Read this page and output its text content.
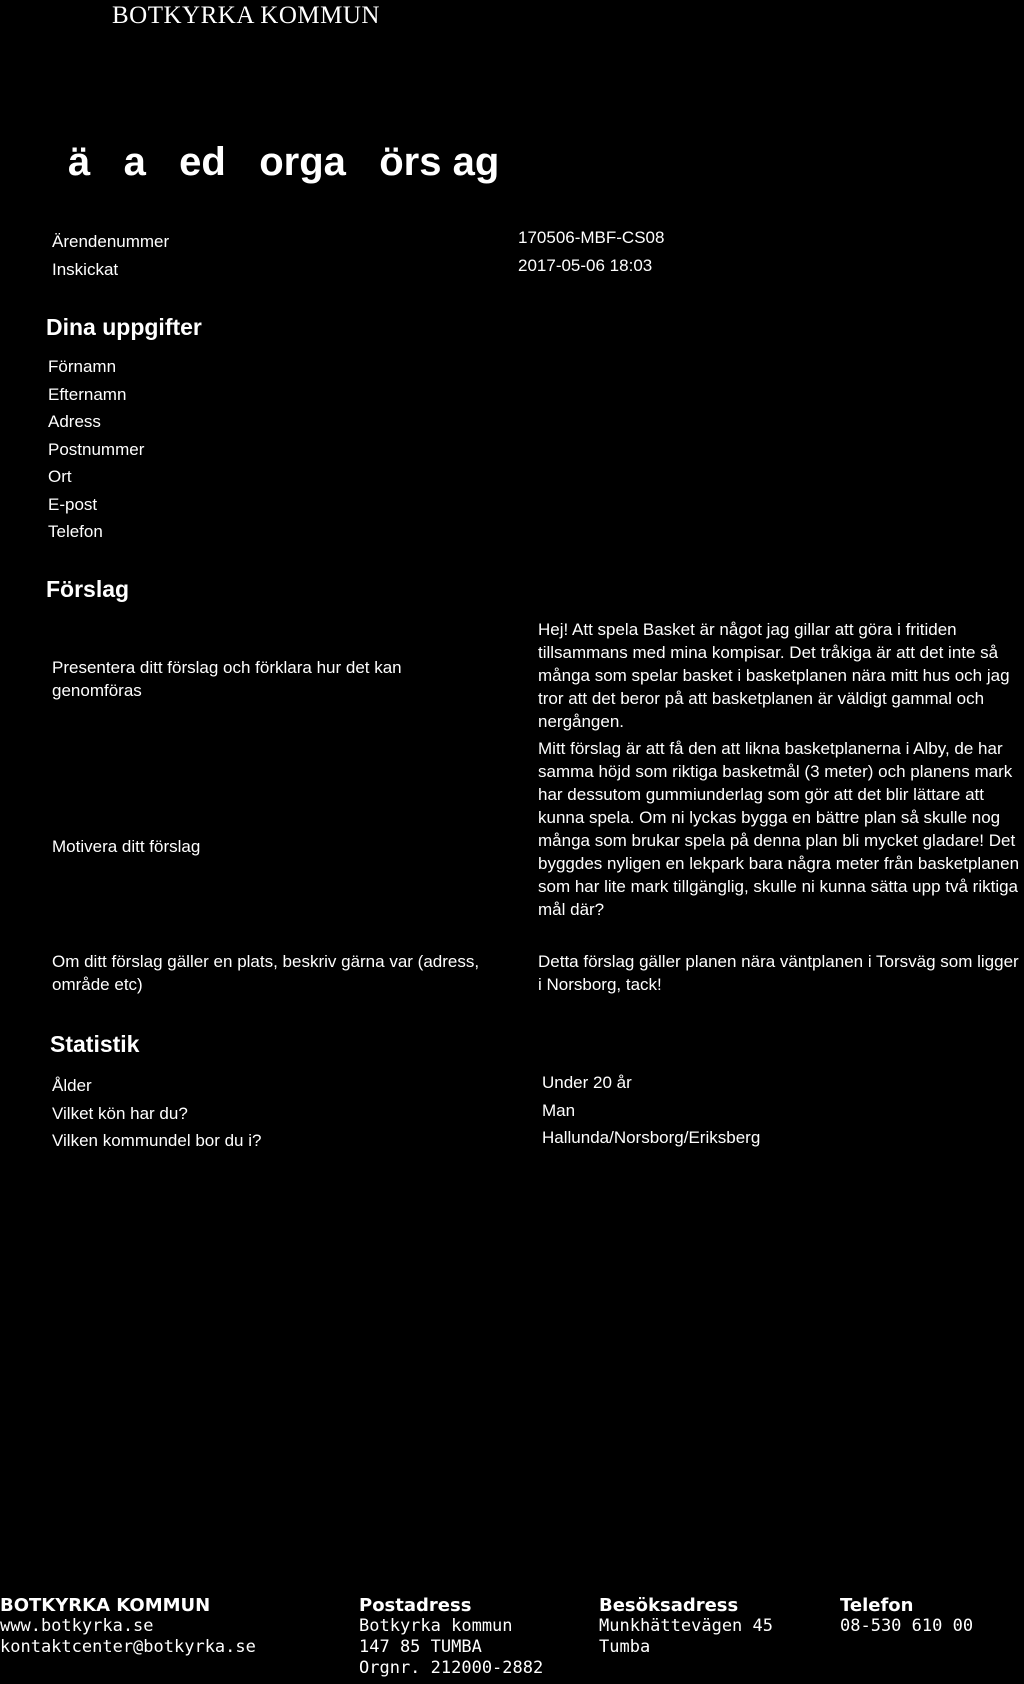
BOTKYRKA KOMMUN
ä   a   ed   orga   örs ag
Ärendenummer	170506-MBF-CS08
Inskickat	2017-05-06 18:03
Dina uppgifter
Förnamn
Efternamn
Adress
Postnummer
Ort
E-post
Telefon
Förslag
Presentera ditt förslag och förklara hur det kan genomföras
Hej! Att spela Basket är något jag gillar att göra i fritiden tillsammans med mina kompisar. Det tråkiga är att det inte så många som spelar basket i basketplanen nära mitt hus och jag tror att det beror på att basketplanen är väldigt gammal och nergången.
Motivera ditt förslag
Mitt förslag är att få den att likna basketplanerna i Alby, de har samma höjd som riktiga basketmål (3 meter) och planens mark har dessutom gummiunderlag som gör att det blir lättare att kunna spela. Om ni lyckas bygga en bättre plan så skulle nog många som brukar spela på denna plan bli mycket gladare! Det byggdes nyligen en lekpark bara några meter från basketplanen som har lite mark tillgänglig, skulle ni kunna sätta upp två riktiga mål där?
Om ditt förslag gäller en plats, beskriv gärna var (adress, område etc)
Detta förslag gäller planen nära väntplanen i Torsväg som ligger i Norsborg, tack!
Statistik
Ålder
Vilket kön har du?
Vilken kommundel bor du i?
Under 20 år
Man
Hallunda/Norsborg/Eriksberg
BOTKYRKA KOMMUN
www.botkyrka.se
kontaktcenter@botkyrka.se
Postadress
Botkyrka kommun
147 85 TUMBA
Orgnr. 212000-2882
Besöksadress
Munkhättevägen 45
Tumba
Telefon
08-530 610 00
